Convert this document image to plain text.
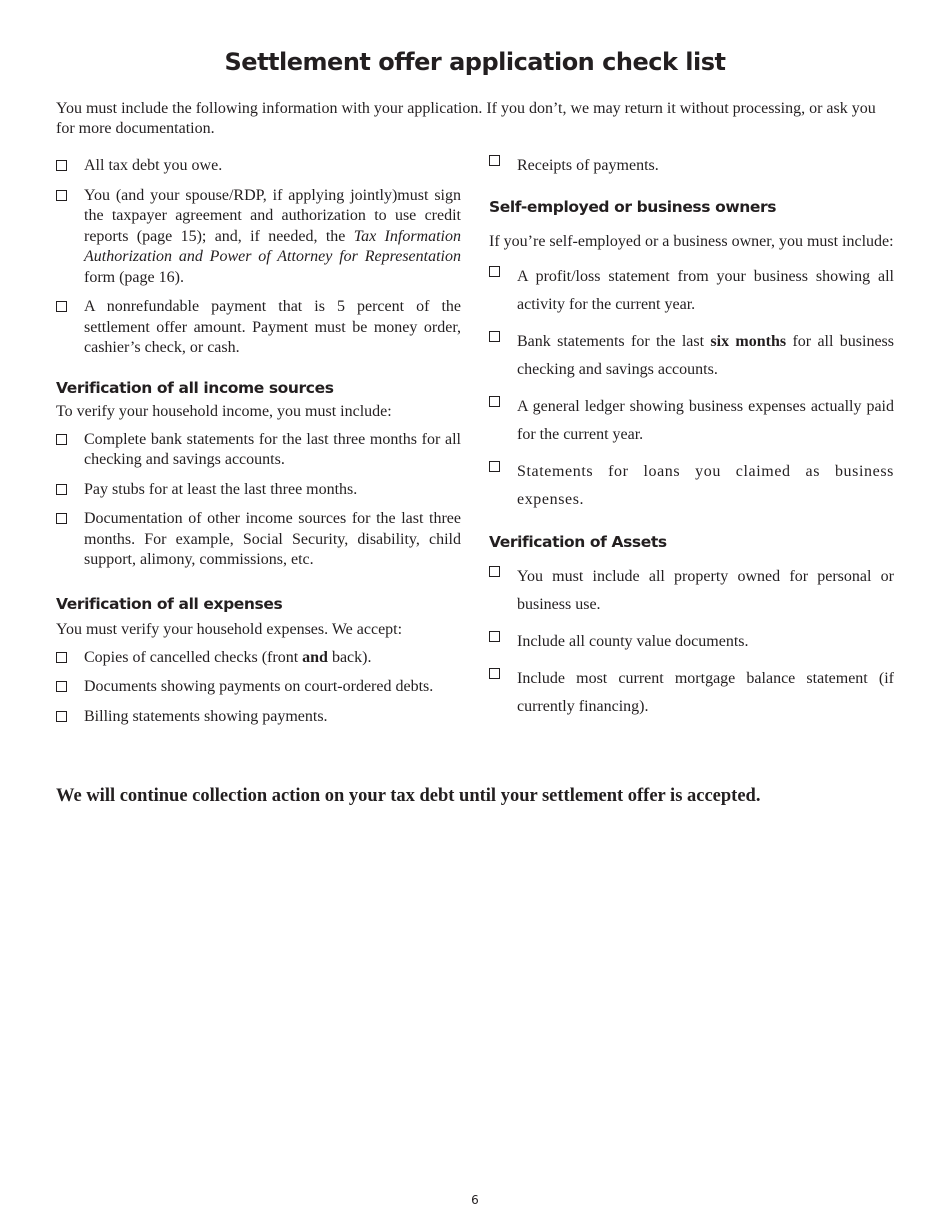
Settlement offer application check list

You must include the following information with your application. If you don’t, we may return it without processing, or ask you for more documentation.

All tax debt you owe.
You (and your spouse/RDP, if applying jointly)must sign the taxpayer agreement and authorization to use credit reports (page 15); and, if needed, the Tax Information Authorization and Power of Attorney for Representation form (page 16).
A nonrefundable payment that is 5 percent of the settlement offer amount. Payment must be money order, cashier’s check, or cash.
Verification of all income sources

To verify your household income, you must include:

Complete bank statements for the last three months for all checking and savings accounts.
Pay stubs for at least the last three months.
Documentation of other income sources for the last three months. For example, Social Security, disability, child support, alimony, commissions, etc.
Verification of all expenses

You must verify your household expenses. We accept:

Copies of cancelled checks (front and back).
Documents showing payments on court-ordered debts.
Billing statements showing payments.
Receipts of payments.
Self-employed or business owners

If you’re self-employed or a business owner, you must include:

A profit/loss statement from your business showing all activity for the current year.
Bank statements for the last six months for all business checking and savings accounts.
A general ledger showing business expenses actually paid for the current year.
Statements for loans you claimed as business expenses.
Verification of Assets
You must include all property owned for personal or business use.
Include all county value documents.
Include most current mortgage balance statement (if currently financing).

We will continue collection action on your tax debt until your settlement offer is accepted.

6
